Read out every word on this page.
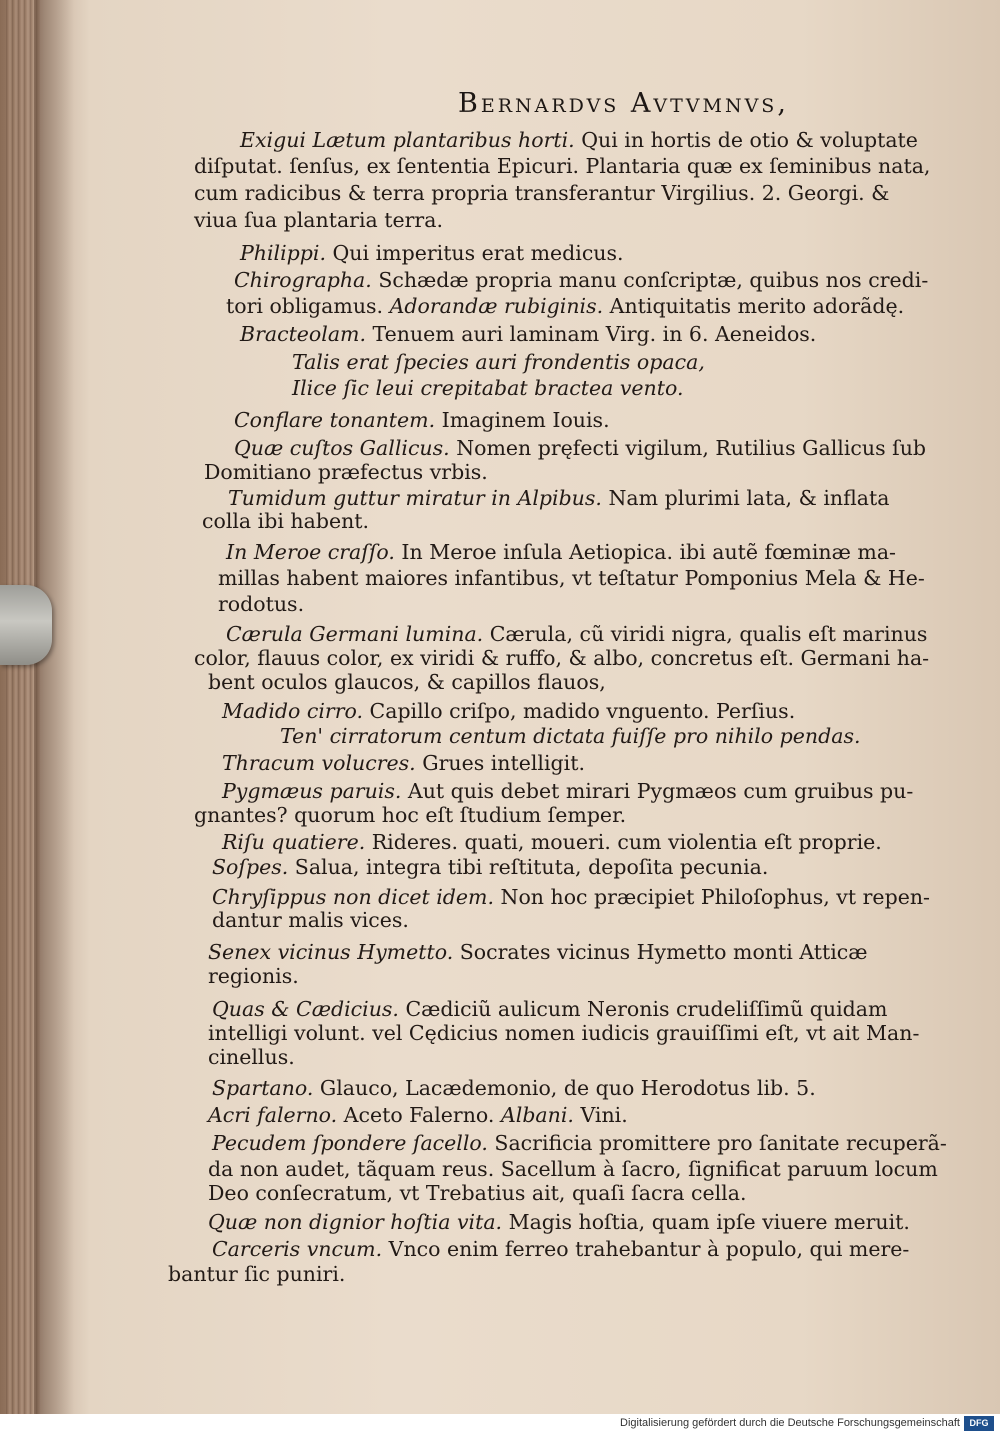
Bernardvs Avtvmnvs,
Exigui Lætum plantaribus horti. Qui in hortis de otio & voluptate
diſputat. ſenſus, ex ſententia Epicuri. Plantaria quæ ex ſeminibus nata,
cum radicibus & terra propria transferantur Virgilius. 2. Georgi. &
viua ſua plantaria terra.
Philippi. Qui imperitus erat medicus.
Chirographa. Schædæ propria manu conſcriptæ, quibus nos credi-
tori obligamus. Adorandæ rubiginis. Antiquitatis merito adorãdę.
Bracteolam. Tenuem auri laminam Virg. in 6. Aeneidos.
Talis erat ſpecies auri frondentis opaca,
Ilice ſic leui crepitabat bractea vento.
Conflare tonantem. Imaginem Iouis.
Quæ cuſtos Gallicus. Nomen pręfecti vigilum, Rutilius Gallicus ſub
Domitiano præfectus vrbis.
Tumidum guttur miratur in Alpibus. Nam plurimi lata, & inflata
colla ibi habent.
In Meroe craſſo. In Meroe inſula Aetiopica. ibi autẽ fœminæ ma-
millas habent maiores infantibus, vt teſtatur Pomponius Mela & He-
rodotus.
Cærula Germani lumina. Cærula, cũ viridi nigra, qualis eſt marinus
color, flauus color, ex viridi & ruffo, & albo, concretus eſt. Germani ha-
bent oculos glaucos, & capillos flauos,
Madido cirro. Capillo criſpo, madido vnguento. Perſius.
Ten' cirratorum centum dictata fuiſſe pro nihilo pendas.
Thracum volucres. Grues intelligit.
Pygmæus paruis. Aut quis debet mirari Pygmæos cum gruibus pu-
gnantes? quorum hoc eſt ſtudium ſemper.
Riſu quatiere. Rideres. quati, moueri. cum violentia eſt proprie.
Soſpes. Salua, integra tibi reſtituta, depoſita pecunia.
Chryſippus non dicet idem. Non hoc præcipiet Philoſophus, vt repen-
dantur malis vices.
Senex vicinus Hymetto. Socrates vicinus Hymetto monti Atticæ
regionis.
Quas & Cædicius. Cædiciũ aulicum Neronis crudeliſſimũ quidam
intelligi volunt. vel Cędicius nomen iudicis grauiſſimi eſt, vt ait Man-
cinellus.
Spartano. Glauco, Lacædemonio, de quo Herodotus lib. 5.
Acri falerno. Aceto Falerno. Albani. Vini.
Pecudem ſpondere ſacello. Sacrificia promittere pro ſanitate recuperã-
da non audet, tãquam reus. Sacellum à ſacro, ſignificat paruum locum
Deo conſecratum, vt Trebatius ait, quaſi ſacra cella.
Quæ non dignior hoſtia vita. Magis hoſtia, quam ipſe viuere meruit.
Carceris vncum. Vnco enim ferreo trahebantur à populo, qui mere-
bantur ſic puniri.
Digitalisierung gefördert durch die Deutsche Forschungsgemeinschaft	DFG
